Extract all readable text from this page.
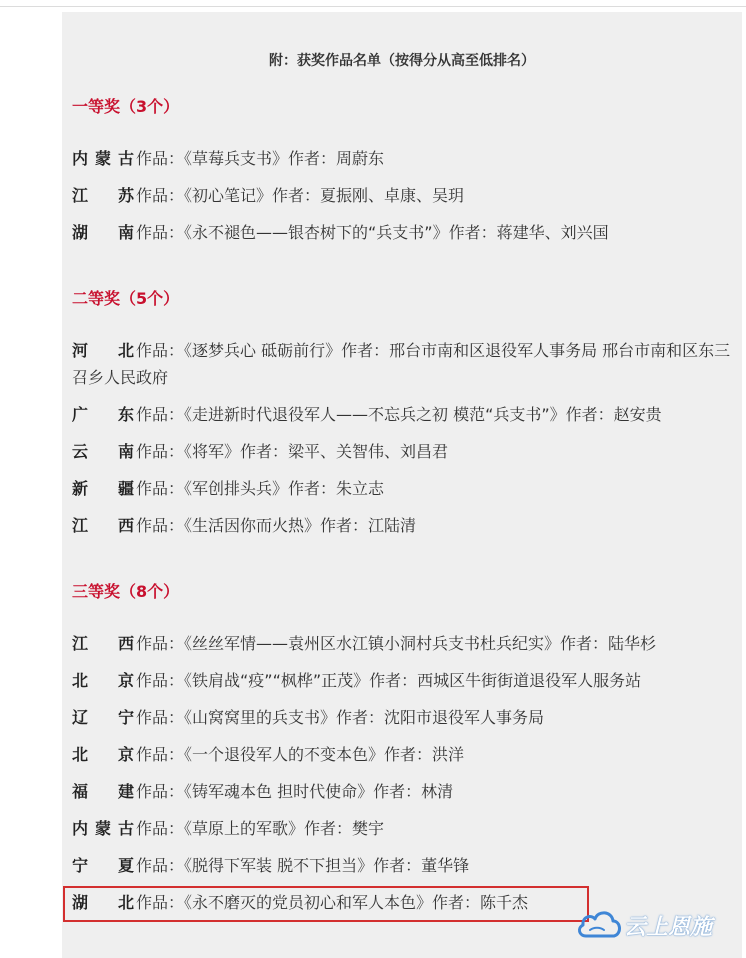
附：获奖作品名单（按得分从高至低排名）
一等奖（3个）
内蒙古 作品：《草莓兵支书》作者：周蔚东
江 苏 作品：《初心笔记》作者：夏振刚、卓康、吴玥
湖 南 作品：《永不褪色——银杏树下的“兵支书”》作者：蒋建华、刘兴国
二等奖（5个）
河 北 作品：《逐梦兵心 砥砺前行》作者：邢台市南和区退役军人事务局 邢台市南和区东三召乡人民政府
广 东 作品：《走进新时代退役军人——不忘兵之初 模范“兵支书”》作者：赵安贵
云 南 作品：《将军》作者：梁平、关智伟、刘昌君
新 疆 作品：《军创排头兵》作者：朱立志
江 西 作品：《生活因你而火热》作者：江陆清
三等奖（8个）
江 西 作品：《丝丝军情——袁州区水江镇小洞村兵支书杜兵纪实》作者：陆华杉
北 京 作品：《铁肩战“疫”“枫桦”正茂》作者：西城区牛街街道退役军人服务站
辽 宁 作品：《山窝窝里的兵支书》作者：沈阳市退役军人事务局
北 京 作品：《一个退役军人的不变本色》作者：洪洋
福 建 作品：《铸军魂本色 担时代使命》作者：林清
内蒙古 作品：《草原上的军歌》作者：樊宇
宁 夏 作品：《脱得下军装 脱不下担当》作者：董华锋
湖 北 作品：《永不磨灭的党员初心和军人本色》作者：陈千杰
云上恩施
